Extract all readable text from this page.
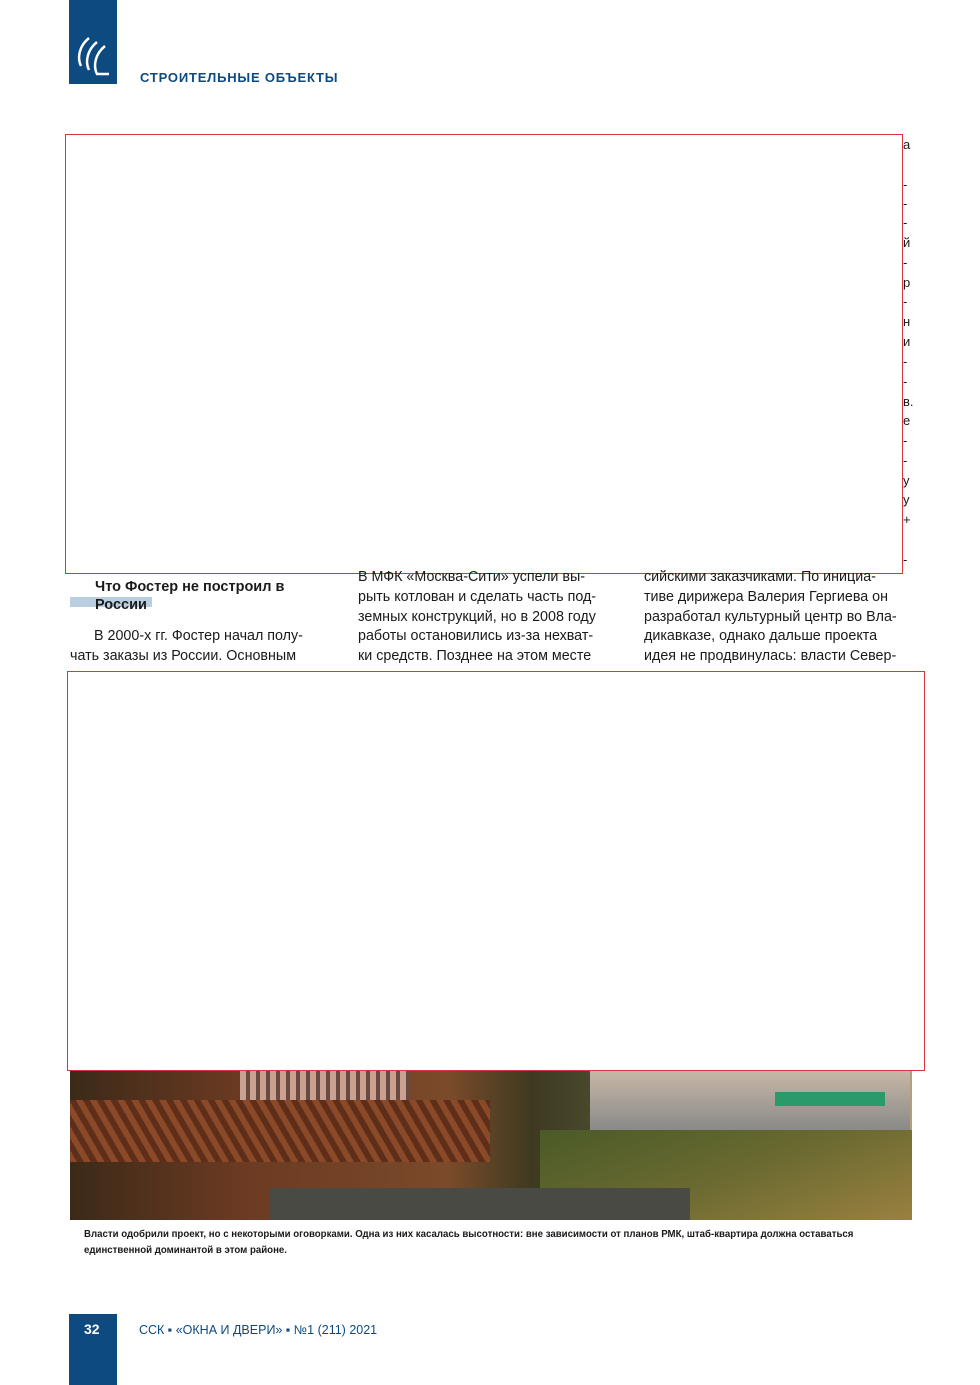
СТРОИТЕЛЬНЫЕ ОБЪЕКТЫ
а
-
-
-
й
-
р
-
н
и
-
-
в.
е
-
-
у
у
+
-
Что Фостер не построил в России

В 2000-х гг. Фостер начал полу-

чать заказы из России. Основным

В МФК «Москва-Сити» успели вы-

рыть котлован и сделать часть под-

земных конструкций, но в 2008 году

работы остановились из-за нехват-

ки средств. Позднее на этом месте

сийскими заказчиками. По инициа-

тиве дирижера Валерия Гергиева он

разработал культурный центр во Вла-

дикавказе, однако дальше проекта

идея не продвинулась: власти Север-

Власти одобрили проект, но с некоторыми оговорками. Одна из них касалась высотности: вне зависимости от планов РМК, штаб-квартира должна оставаться единственной доминантой в этом районе.
32	ССК ▪ «ОКНА И ДВЕРИ» ▪ №1 (211) 2021
